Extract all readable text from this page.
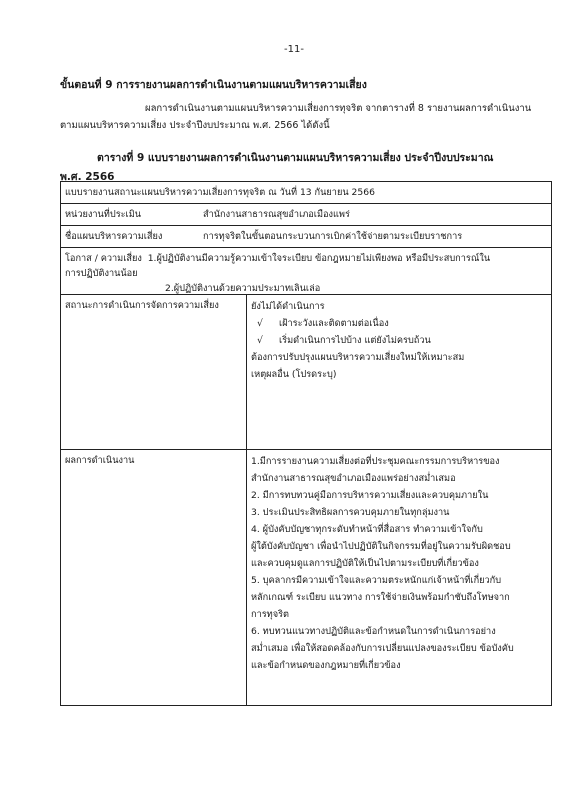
-11-
ขั้นตอนที่ 9 การรายงานผลการดำเนินงานตามแผนบริหารความเสี่ยง
ผลการดำเนินงานตามแผนบริหารความเสี่ยงการทุจริต จากตารางที่ 8 รายงานผลการดำเนินงาน
ตามแผนบริหารความเสี่ยง ประจำปีงบประมาณ พ.ศ. 2566 ได้ดังนี้
ตารางที่ 9 แบบรายงานผลการดำเนินงานตามแผนบริหารความเสี่ยง ประจำปีงบประมาณ
พ.ศ. 2566
แบบรายงานสถานะแผนบริหารความเสี่ยงการทุจริต ณ วันที่ 13 กันยายน 2566
หน่วยงานที่ประเมิน	สำนักงานสาธารณสุขอำเภอเมืองแพร่
ชื่อแผนบริหารความเสี่ยง	การทุจริตในขั้นตอนกระบวนการเบิกค่าใช้จ่ายตามระเบียบราชการ
โอกาส / ความเสี่ยง 1.ผู้ปฏิบัติงานมีความรู้ความเข้าใจระเบียบ ข้อกฎหมายไม่เพียงพอ หรือมีประสบการณ์ใน
การปฏิบัติงานน้อย
2.ผู้ปฏิบัติงานด้วยความประมาทเลินเล่อ
สถานะการดำเนินการจัดการความเสี่ยง	ยังไม่ได้ดำเนินการ
√ เฝ้าระวังและติดตามต่อเนื่อง
√ เริ่มดำเนินการไปบ้าง แต่ยังไม่ครบถ้วน
ต้องการปรับปรุงแผนบริหารความเสี่ยงใหม่ให้เหมาะสม
เหตุผลอื่น (โปรดระบุ)
ผลการดำเนินงาน	1.มีการรายงานความเสี่ยงต่อที่ประชุมคณะกรรมการบริหารของ
สำนักงานสาธารณสุขอำเภอเมืองแพร่อย่างสม่ำเสมอ
2. มีการทบทวนคู่มือการบริหารความเสี่ยงและควบคุมภายใน
3. ประเมินประสิทธิผลการควบคุมภายในทุกลุ่มงาน
4. ผู้บังคับบัญชาทุกระดับทำหน้าที่สื่อสาร ทำความเข้าใจกับ
ผู้ใต้บังคับบัญชา เพื่อนำไปปฏิบัติในกิจกรรมที่อยู่ในความรับผิดชอบ
และควบคุมดูแลการปฏิบัติให้เป็นไปตามระเบียบที่เกี่ยวข้อง
5. บุคลากรมีความเข้าใจและความตระหนักแก่เจ้าหน้าที่เกี่ยวกับ
หลักเกณฑ์ ระเบียบ แนวทาง การใช้จ่ายเงินพร้อมกำชับถึงโทษจาก
การทุจริต
6. ทบทวนแนวทางปฏิบัติและข้อกำหนดในการดำเนินการอย่าง
สม่ำเสมอ เพื่อให้สอดคล้องกับการเปลี่ยนแปลงของระเบียบ ข้อบังคับ
และข้อกำหนดของกฎหมายที่เกี่ยวข้อง
